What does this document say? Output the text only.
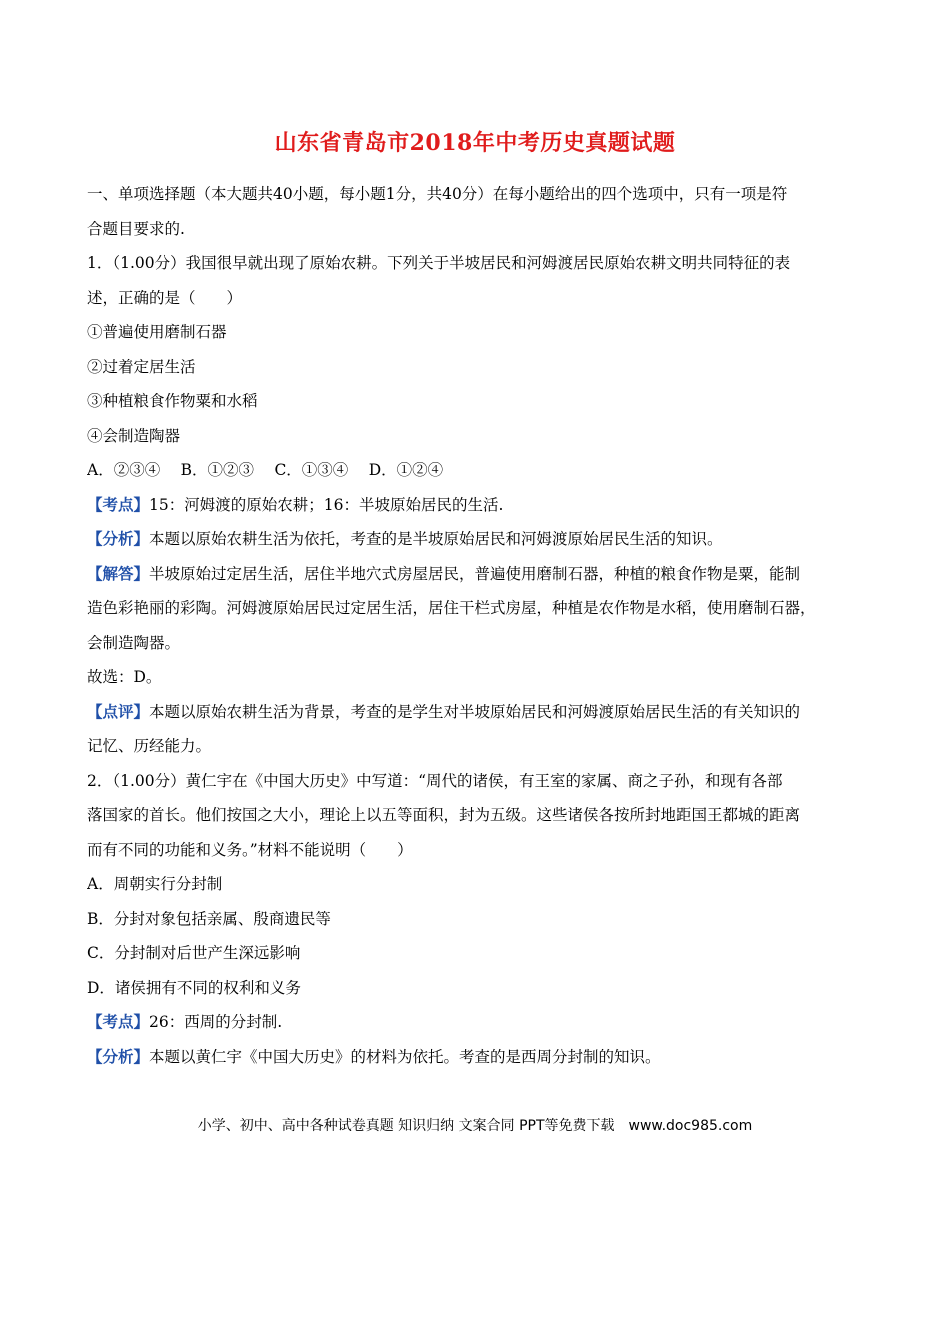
山东省青岛市2018年中考历史真题试题
一、单项选择题（本大题共40小题，每小题1分，共40分）在每小题给出的四个选项中，只有一项是符
合题目要求的.
1．（1.00分）我国很早就出现了原始农耕。下列关于半坡居民和河姆渡居民原始农耕文明共同特征的表
述，正确的是（　　）
①普遍使用磨制石器
②过着定居生活
③种植粮食作物粟和水稻
④会制造陶器
A．②③④　 B．①②③　 C．①③④　 D．①②④
【考点】15：河姆渡的原始农耕；16：半坡原始居民的生活.
【分析】本题以原始农耕生活为依托，考查的是半坡原始居民和河姆渡原始居民生活的知识。
【解答】半坡原始过定居生活，居住半地穴式房屋居民，普遍使用磨制石器，种植的粮食作物是粟，能制
造色彩艳丽的彩陶。河姆渡原始居民过定居生活，居住干栏式房屋，种植是农作物是水稻，使用磨制石器，
会制造陶器。
故选：D。
【点评】本题以原始农耕生活为背景，考查的是学生对半坡原始居民和河姆渡原始居民生活的有关知识的
记忆、历经能力。
2．（1.00分）黄仁宇在《中国大历史》中写道：“周代的诸侯，有王室的家属、商之子孙，和现有各部
落国家的首长。他们按国之大小，理论上以五等面积，封为五级。这些诸侯各按所封地距国王都城的距离
而有不同的功能和义务。”材料不能说明（　　）
A．周朝实行分封制
B．分封对象包括亲属、殷商遗民等
C．分封制对后世产生深远影响
D．诸侯拥有不同的权利和义务
【考点】26：西周的分封制.
【分析】本题以黄仁宇《中国大历史》的材料为依托。考查的是西周分封制的知识。
小学、初中、高中各种试卷真题 知识归纳 文案合同 PPT等免费下载　www.doc985.com
